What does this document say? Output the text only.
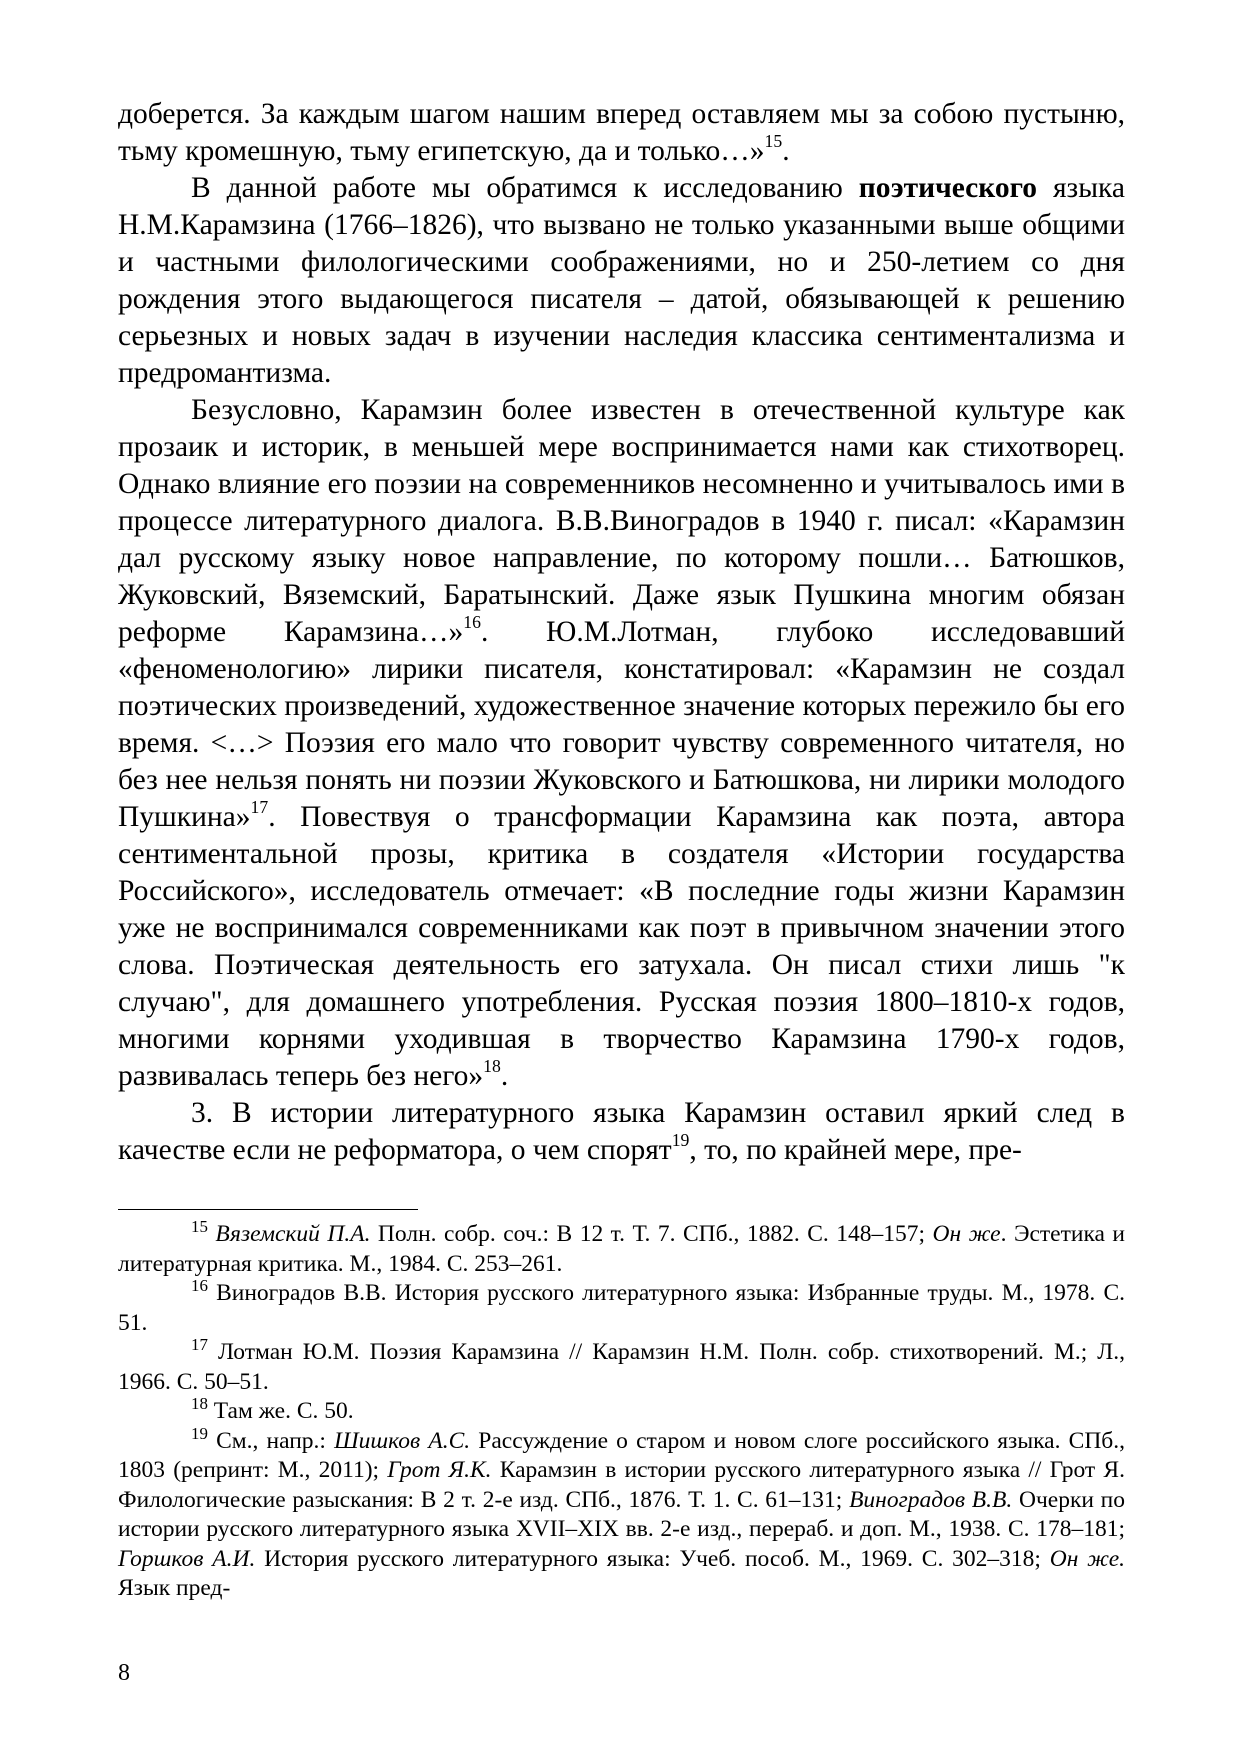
доберется. За каждым шагом нашим вперед оставляем мы за собою пустыню, тьму кромешную, тьму египетскую, да и только…»$^{15}$.

В данной работе мы обратимся к исследованию поэтического языка Н.М.Карамзина (1766–1826), что вызвано не только указанными выше общими и частными филологическими соображениями, но и 250-летием со дня рождения этого выдающегося писателя – датой, обязывающей к решению серьезных и новых задач в изучении наследия классика сентиментализма и предромантизма.

Безусловно, Карамзин более известен в отечественной культуре как прозаик и историк, в меньшей мере воспринимается нами как стихотворец. Однако влияние его поэзии на современников несомненно и учитывалось ими в процессе литературного диалога. В.В.Виноградов в 1940 г. писал: «Карамзин дал русскому языку новое направление, по которому пошли… Батюшков, Жуковский, Вяземский, Баратынский. Даже язык Пушкина многим обязан реформе Карамзина…»$^{16}$. Ю.М.Лотман, глубоко исследовавший «феноменологию» лирики писателя, констатировал: «Карамзин не создал поэтических произведений, художественное значение которых пережило бы его время. <…> Поэзия его мало что говорит чувству современного читателя, но без нее нельзя понять ни поэзии Жуковского и Батюшкова, ни лирики молодого Пушкина»$^{17}$. Повествуя о трансформации Карамзина как поэта, автора сентиментальной прозы, критика в создателя «Истории государства Российского», исследователь отмечает: «В последние годы жизни Карамзин уже не воспринимался современниками как поэт в привычном значении этого слова. Поэтическая деятельность его затухала. Он писал стихи лишь "к случаю", для домашнего употребления. Русская поэзия 1800–1810-х годов, многими корнями уходившая в творчество Карамзина 1790-х годов, развивалась теперь без него»$^{18}$.

3. В истории литературного языка Карамзин оставил яркий след в качестве если не реформатора, о чем спорят$^{19}$, то, по крайней мере, пре-

$^{15}$ Вяземский П.А. Полн. собр. соч.: В 12 т. Т. 7. СПб., 1882. С. 148–157; Он же. Эстетика и литературная критика. М., 1984. С. 253–261.

$^{16}$ Виноградов В.В. История русского литературного языка: Избранные труды. М., 1978. С. 51.

$^{17}$ Лотман Ю.М. Поэзия Карамзина // Карамзин Н.М. Полн. собр. стихотворений. М.; Л., 1966. С. 50–51.

$^{18}$ Там же. С. 50.

$^{19}$ См., напр.: Шишков А.С. Рассуждение о старом и новом слоге российского языка. СПб., 1803 (репринт: М., 2011); Грот Я.К. Карамзин в истории русского литературного языка // Грот Я. Филологические разыскания: В 2 т. 2-е изд. СПб., 1876. Т. 1. С. 61–131; Виноградов В.В. Очерки по истории русского литературного языка XVII–XIX вв. 2-е изд., перераб. и доп. М., 1938. С. 178–181; Горшков А.И. История русского литературного языка: Учеб. пособ. М., 1969. С. 302–318; Он же. Язык пред-

8
